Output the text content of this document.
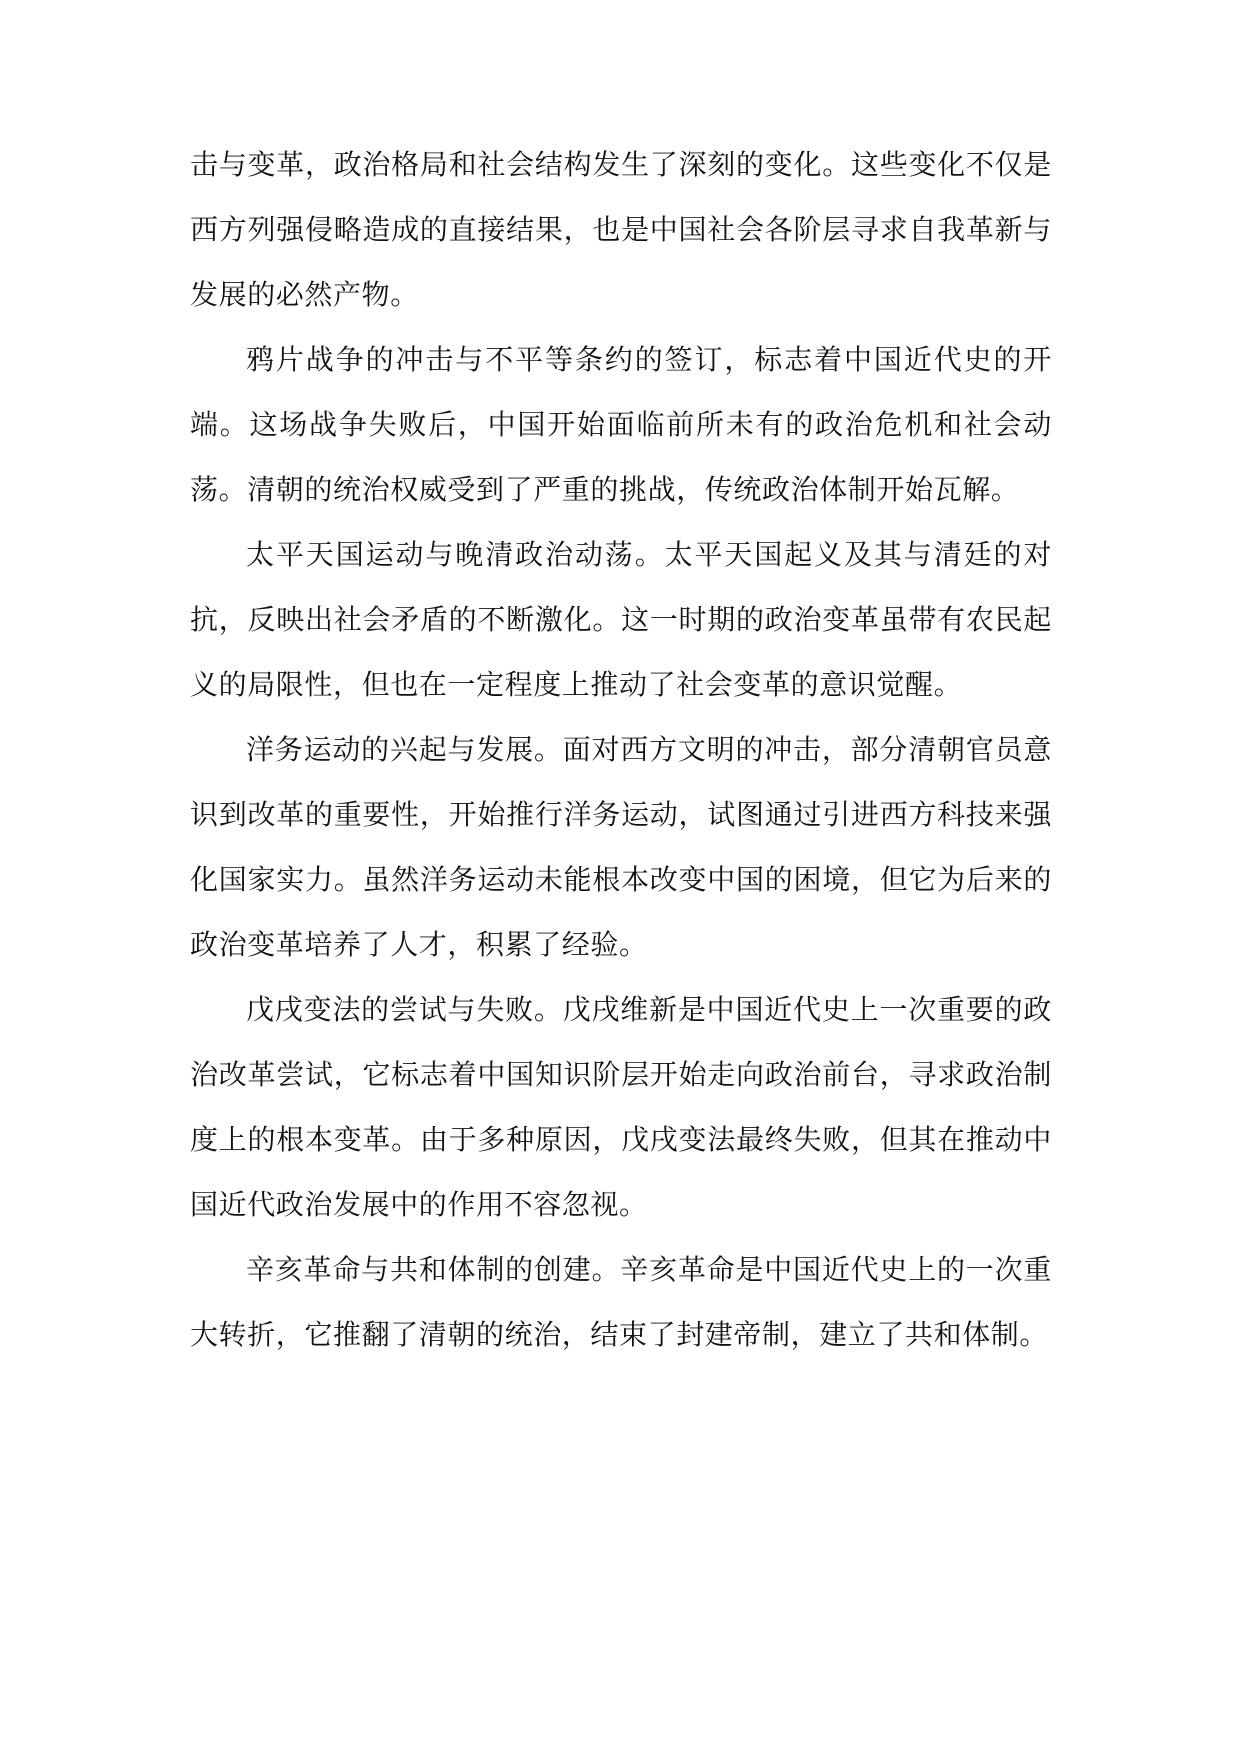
击与变革，政治格局和社会结构发生了深刻的变化。这些变化不仅是西方列强侵略造成的直接结果，也是中国社会各阶层寻求自我革新与发展的必然产物。

鸦片战争的冲击与不平等条约的签订，标志着中国近代史的开端。这场战争失败后，中国开始面临前所未有的政治危机和社会动荡。清朝的统治权威受到了严重的挑战，传统政治体制开始瓦解。

太平天国运动与晚清政治动荡。太平天国起义及其与清廷的对抗，反映出社会矛盾的不断激化。这一时期的政治变革虽带有农民起义的局限性，但也在一定程度上推动了社会变革的意识觉醒。

洋务运动的兴起与发展。面对西方文明的冲击，部分清朝官员意识到改革的重要性，开始推行洋务运动，试图通过引进西方科技来强化国家实力。虽然洋务运动未能根本改变中国的困境，但它为后来的政治变革培养了人才，积累了经验。

戊戌变法的尝试与失败。戊戌维新是中国近代史上一次重要的政治改革尝试，它标志着中国知识阶层开始走向政治前台，寻求政治制度上的根本变革。由于多种原因，戊戌变法最终失败，但其在推动中国近代政治发展中的作用不容忽视。

辛亥革命与共和体制的创建。辛亥革命是中国近代史上的一次重大转折，它推翻了清朝的统治，结束了封建帝制，建立了共和体制。
